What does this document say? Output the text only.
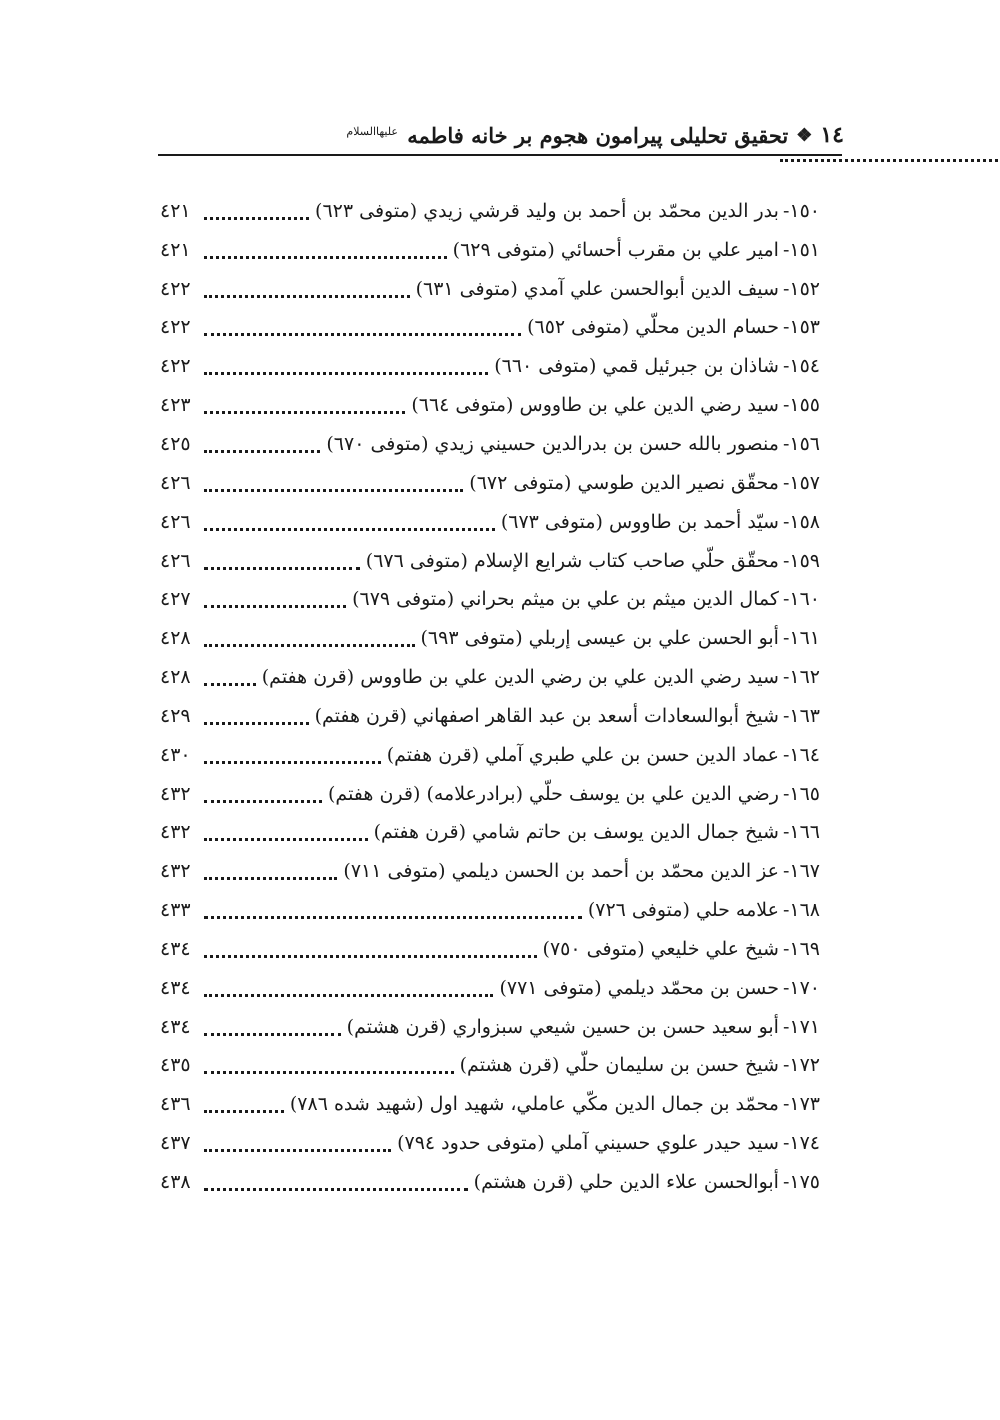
١٤
❖
تحقيق تحليلى پيرامون هجوم بر خانه فاطمه $^{عليهاالسلام}$
١٥٠-
بدر الدين محمّد بن أحمد بن وليد قرشي زيدي (متوفى ٦٢٣)
٤٢١
١٥١-
امير علي بن مقرب أحسائي (متوفى ٦٢٩)
٤٢١
١٥٢-
سيف الدين أبوالحسن علي آمدي (متوفى ٦٣١)
٤٢٢
١٥٣-
حسام الدين محلّي (متوفى ٦٥٢)
٤٢٢
١٥٤-
شاذان بن جبرئيل قمي (متوفى ٦٦٠)
٤٢٢
١٥٥-
سيد رضي الدين علي بن طاووس (متوفى ٦٦٤)
٤٢٣
١٥٦-
منصور بالله حسن بن بدرالدين حسيني زيدي (متوفى ٦٧٠)
٤٢٥
١٥٧-
محقّق نصير الدين طوسي (متوفى ٦٧٢)
٤٢٦
١٥٨-
سيّد أحمد بن طاووس (متوفى ٦٧٣)
٤٢٦
١٥٩-
محقّق حلّي صاحب كتاب شرايع الإسلام (متوفى ٦٧٦)
٤٢٦
١٦٠-
كمال الدين ميثم بن علي بن ميثم بحراني (متوفى ٦٧٩)
٤٢٧
١٦١-
أبو الحسن علي بن عيسى إربلي (متوفى ٦٩٣)
٤٢٨
١٦٢-
سيد رضي الدين علي بن رضي الدين علي بن طاووس (قرن هفتم)
٤٢٨
١٦٣-
شيخ أبوالسعادات أسعد بن عبد القاهر اصفهاني (قرن هفتم)
٤٢٩
١٦٤-
عماد الدين حسن بن علي طبري آملي (قرن هفتم)
٤٣٠
١٦٥-
رضي الدين علي بن يوسف حلّي (برادرعلامه) (قرن هفتم)
٤٣٢
١٦٦-
شيخ جمال الدين يوسف بن حاتم شامي (قرن هفتم)
٤٣٢
١٦٧-
عز الدين محمّد بن أحمد بن الحسن ديلمي (متوفى ٧١١)
٤٣٢
١٦٨-
علامه حلي (متوفى ٧٢٦)
٤٣٣
١٦٩-
شيخ علي خليعي (متوفى ٧٥٠)
٤٣٤
١٧٠-
حسن بن محمّد ديلمي (متوفى ٧٧١)
٤٣٤
١٧١-
أبو سعيد حسن بن حسين شيعي سبزواري (قرن هشتم)
٤٣٤
١٧٢-
شيخ حسن بن سليمان حلّي (قرن هشتم)
٤٣٥
١٧٣-
محمّد بن جمال الدين مكّي عاملي، شهيد اول (شهيد شده ٧٨٦)
٤٣٦
١٧٤-
سيد حيدر علوي حسيني آملي (متوفى حدود ٧٩٤)
٤٣٧
١٧٥-
أبوالحسن علاء الدين حلي (قرن هشتم)
٤٣٨
